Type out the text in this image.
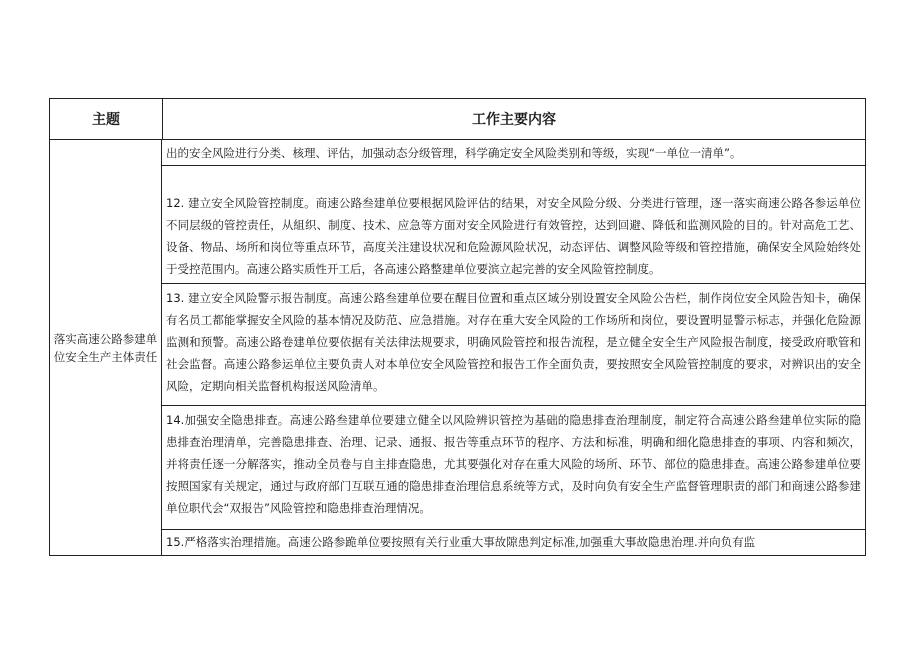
主题	工作主要内容
落实高速公路参建单位安全生产主体责任
出的安全风险进行分类、核理、评估，加强动态分级管理，科学确定安全风险类别和等级，实现“一单位一清单”。
12. 建立安全风险管控制度。商速公路叁建单位要根据风险评估的结果，对安全风险分级、分类进行管理，逐一落实商速公路各参运单位不同层级的管控责任，从組织、制度、技术、应急等方面对安全风险进行有效管控，达到回避、降低和监测风险的目的。针对高危工艺、设备、物品、场所和岗位等重点环节，高度关注建设状况和危险源风险状况，动态评估、调整风险等级和管控措施，确保安全风险始终处于受控范围内。高速公路实质性开工后，各高速公路整建单位要滨立起完善的安全风险管控制度。
13. 建立安全风险警示报告制度。高速公路叁建单位要在醒目位置和重点区域分别设置安全风险公告栏，制作岗位安全风险告知卡，确保有名员工都能掌握安全风险的基本情况及防范、应急措施。对存在重大安全风险的工作场所和岗位，要设置明显警示标志，并强化危险源监测和预警。高速公路卷建单位要依据有关法律法规要求，明确风险管控和报告流程，是立健全安全生产风险报告制度，接受政府歌管和社会监督。高速公路参运单位主要负责人对本单位安全风险管控和报告工作全面负责，要按照安全风险管控制度的要求，对辨识出的安全风险，定期向相关监督机构报送风险清单。
14.加强安全隐患排查。高速公路叁建单位要建立健全以风险辨识管控为基础的隐患排查治理制度，制定符合高速公路叁建单位实际的隐患排查治理清单，完善隐患排查、治理、记录、通报、报告等重点环节的程序、方法和标准，明确和细化隐患排查的事项、内容和频次，并将责任逐一分解落实，推动全员卷与自主排查隐患，尤其要强化对存在重大风险的场所、环节、部位的隐患排查。高速公路参建单位要按照国家有关规定，通过与政府部门互联互通的隐患排查治理信息系统等方式，及时向负有安全生产监督管理职责的部门和商速公路参建单位职代会“双报告”风险管控和隐患排查治理情况。
15.严格落实治理措施。高速公路参跪单位要按照有关行业重大事故隙患判定标准,加强重大事故隐患治理.并向负有监
